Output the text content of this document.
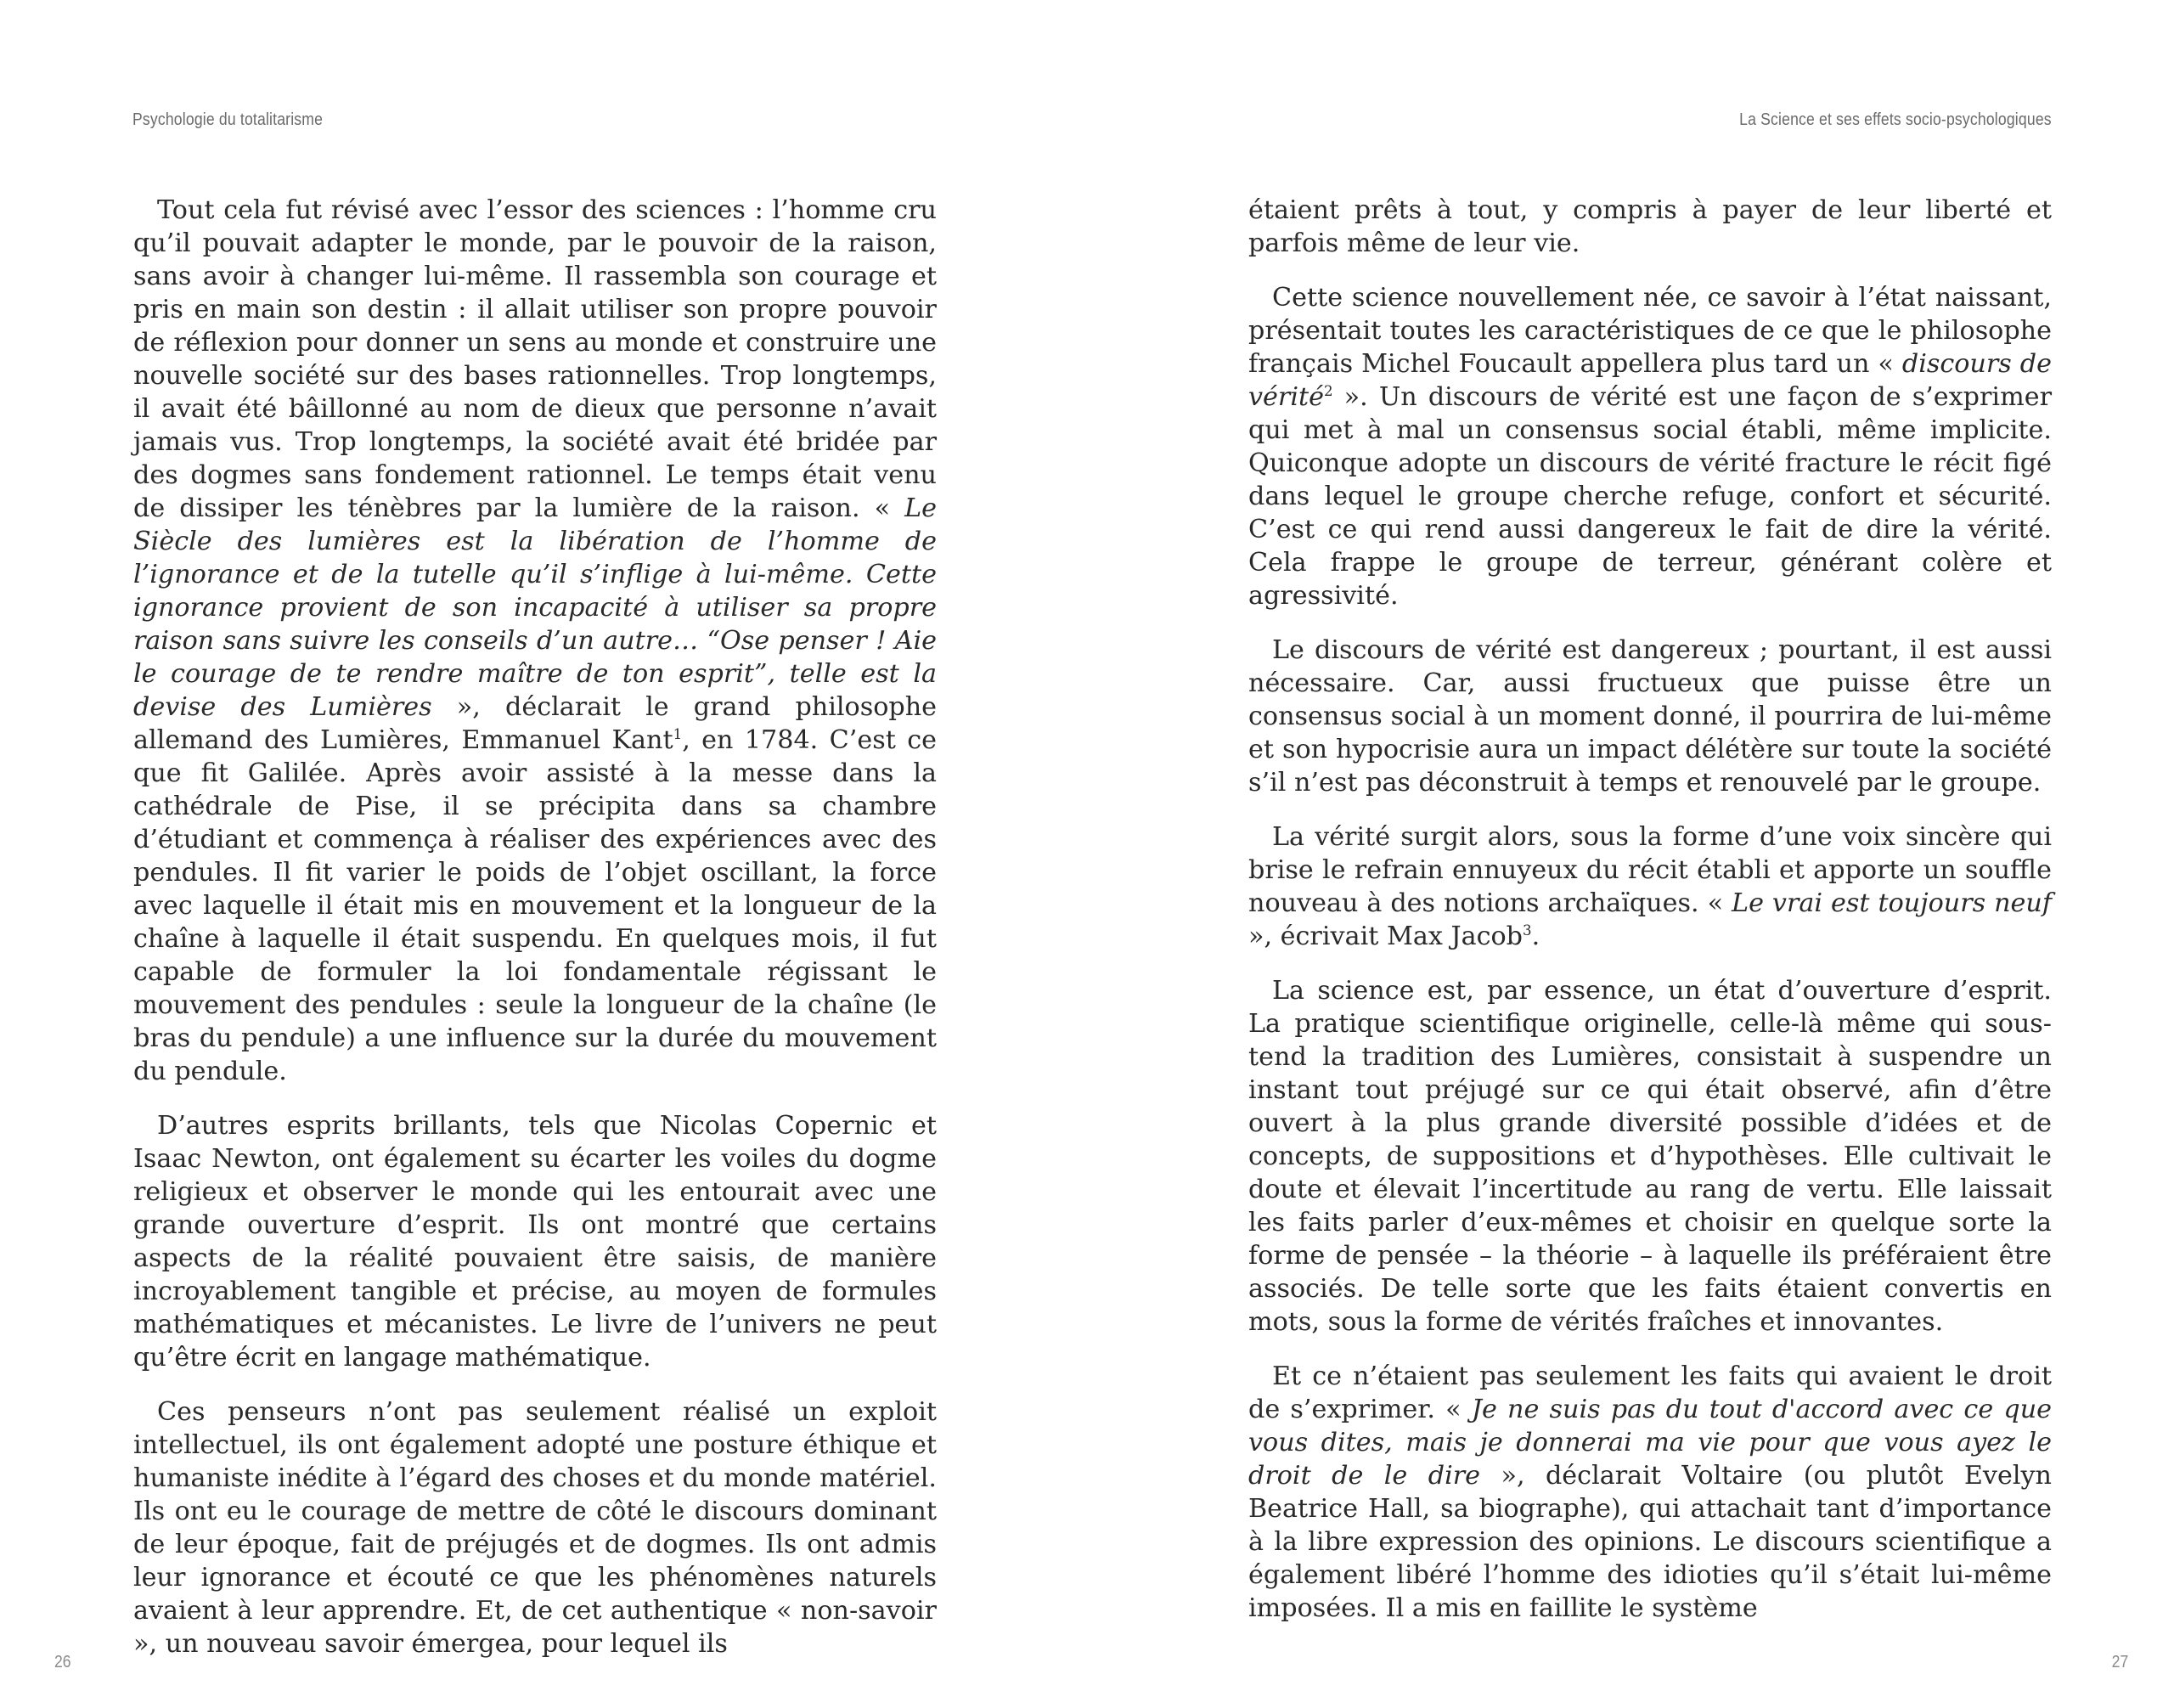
Psychologie du totalitarisme

Tout cela fut révisé avec l’essor des sciences : l’homme cru qu’il pouvait adapter le monde, par le pouvoir de la raison, sans avoir à changer lui-même. Il rassembla son courage et pris en main son destin : il allait utiliser son propre pouvoir de réflexion pour donner un sens au monde et construire une nouvelle société sur des bases rationnelles. Trop longtemps, il avait été bâillonné au nom de dieux que personne n’avait jamais vus. Trop longtemps, la société avait été bridée par des dogmes sans fondement rationnel. Le temps était venu de dissiper les ténèbres par la lumière de la raison. « Le Siècle des lumières est la libération de l’homme de l’ignorance et de la tutelle qu’il s’inflige à lui-même. Cette ignorance provient de son incapacité à utiliser sa propre raison sans suivre les conseils d’un autre… “Ose penser ! Aie le courage de te rendre maître de ton esprit”, telle est la devise des Lumières », déclarait le grand philosophe allemand des Lumières, Emmanuel Kant$^1$, en 1784. C’est ce que fit Galilée. Après avoir assisté à la messe dans la cathédrale de Pise, il se précipita dans sa chambre d’étudiant et commença à réaliser des expériences avec des pendules. Il fit varier le poids de l’objet oscillant, la force avec laquelle il était mis en mouvement et la longueur de la chaîne à laquelle il était suspendu. En quelques mois, il fut capable de formuler la loi fondamentale régissant le mouvement des pendules : seule la longueur de la chaîne (le bras du pendule) a une influence sur la durée du mouvement du pendule.

D’autres esprits brillants, tels que Nicolas Copernic et Isaac Newton, ont également su écarter les voiles du dogme religieux et observer le monde qui les entourait avec une grande ouverture d’esprit. Ils ont montré que certains aspects de la réalité pouvaient être saisis, de manière incroyablement tangible et précise, au moyen de formules mathématiques et mécanistes. Le livre de l’univers ne peut qu’être écrit en langage mathématique.

Ces penseurs n’ont pas seulement réalisé un exploit intellectuel, ils ont également adopté une posture éthique et humaniste inédite à l’égard des choses et du monde matériel. Ils ont eu le courage de mettre de côté le discours dominant de leur époque, fait de préjugés et de dogmes. Ils ont admis leur ignorance et écouté ce que les phénomènes naturels avaient à leur apprendre. Et, de cet authentique « non-savoir », un nouveau savoir émergea, pour lequel ils

26
La Science et ses effets socio-psychologiques

étaient prêts à tout, y compris à payer de leur liberté et parfois même de leur vie.

Cette science nouvellement née, ce savoir à l’état naissant, présentait toutes les caractéristiques de ce que le philosophe français Michel Foucault appellera plus tard un « discours de vérité$^2$ ». Un discours de vérité est une façon de s’exprimer qui met à mal un consensus social établi, même implicite. Quiconque adopte un discours de vérité fracture le récit figé dans lequel le groupe cherche refuge, confort et sécurité. C’est ce qui rend aussi dangereux le fait de dire la vérité. Cela frappe le groupe de terreur, générant colère et agressivité.

Le discours de vérité est dangereux ; pourtant, il est aussi nécessaire. Car, aussi fructueux que puisse être un consensus social à un moment donné, il pourrira de lui-même et son hypocrisie aura un impact délétère sur toute la société s’il n’est pas déconstruit à temps et renouvelé par le groupe.

La vérité surgit alors, sous la forme d’une voix sincère qui brise le refrain ennuyeux du récit établi et apporte un souffle nouveau à des notions archaïques. « Le vrai est toujours neuf », écrivait Max Jacob$^3$.

La science est, par essence, un état d’ouverture d’esprit. La pratique scientifique originelle, celle-là même qui sous-tend la tradition des Lumières, consistait à suspendre un instant tout préjugé sur ce qui était observé, afin d’être ouvert à la plus grande diversité possible d’idées et de concepts, de suppositions et d’hypothèses. Elle cultivait le doute et élevait l’incertitude au rang de vertu. Elle laissait les faits parler d’eux-mêmes et choisir en quelque sorte la forme de pensée – la théorie – à laquelle ils préféraient être associés. De telle sorte que les faits étaient convertis en mots, sous la forme de vérités fraîches et innovantes.

Et ce n’étaient pas seulement les faits qui avaient le droit de s’exprimer. « Je ne suis pas du tout d'accord avec ce que vous dites, mais je donnerai ma vie pour que vous ayez le droit de le dire », déclarait Voltaire (ou plutôt Evelyn Beatrice Hall, sa biographe), qui attachait tant d’importance à la libre expression des opinions. Le discours scientifique a également libéré l’homme des idioties qu’il s’était lui-même imposées. Il a mis en faillite le système

27
